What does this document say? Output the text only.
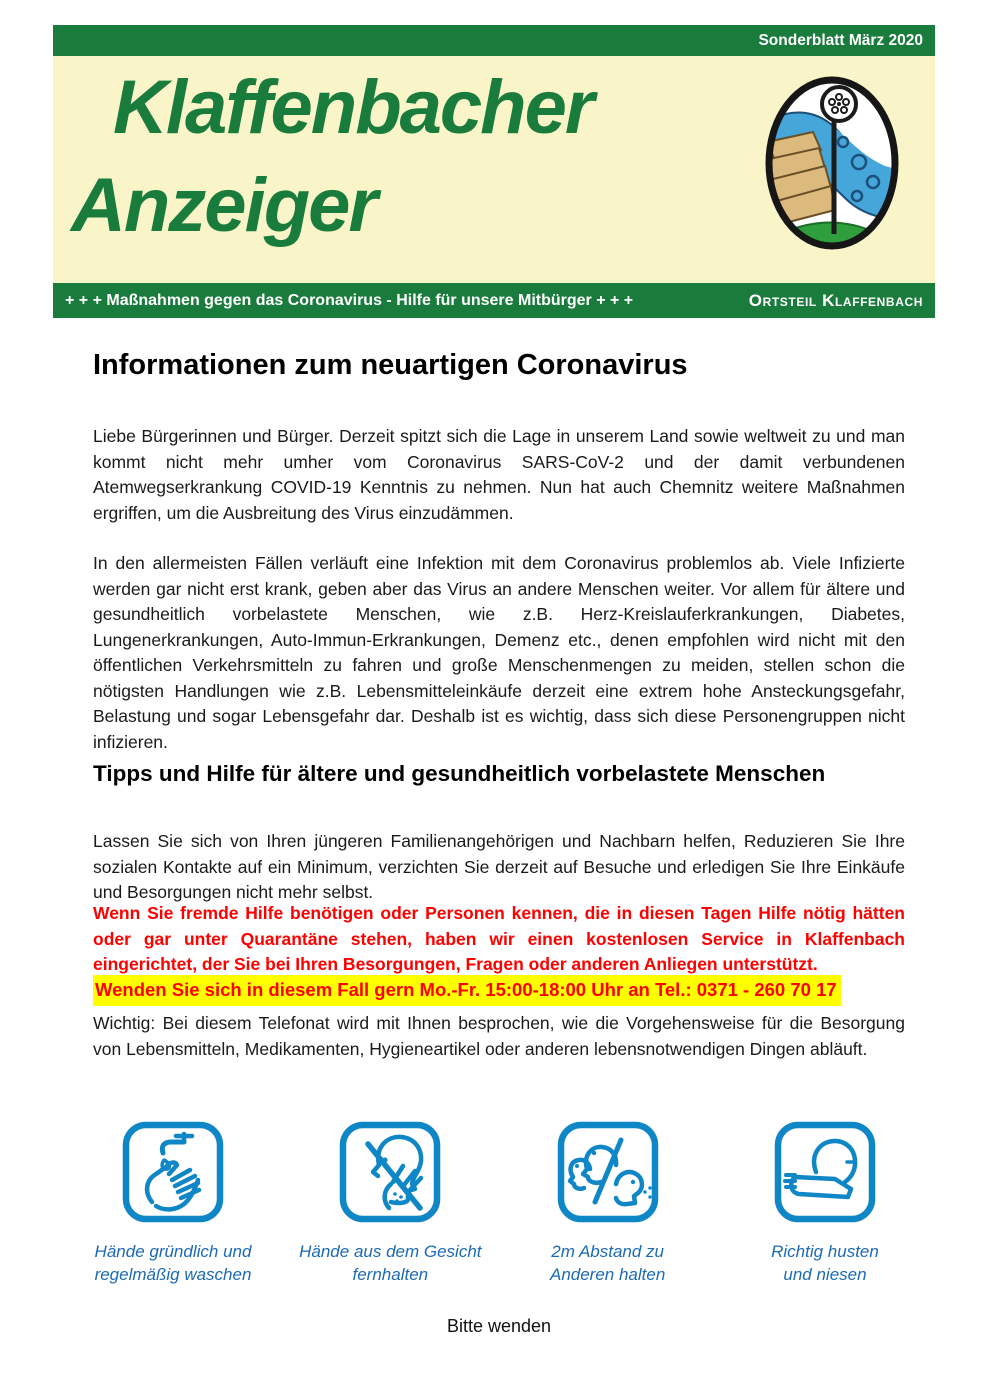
Sonderblatt März 2020
Klaffenbacher
Anzeiger
+ + + Maßnahmen gegen das Coronavirus - Hilfe für unsere Mitbürger + + +	Ortsteil Klaffenbach
Informationen zum neuartigen Coronavirus
Liebe Bürgerinnen und Bürger. Derzeit spitzt sich die Lage in unserem Land sowie weltweit zu und man kommt nicht mehr umher vom Coronavirus SARS-CoV-2 und der damit verbundenen Atemwegserkrankung COVID-19 Kenntnis zu nehmen. Nun hat auch Chemnitz weitere Maßnahmen ergriffen, um die Ausbreitung des Virus einzudämmen.
In den allermeisten Fällen verläuft eine Infektion mit dem Coronavirus problemlos ab. Viele Infizierte werden gar nicht erst krank, geben aber das Virus an andere Menschen weiter. Vor allem für ältere und gesundheitlich vorbelastete Menschen, wie z.B. Herz-Kreislauferkrankungen, Diabetes, Lungenerkrankungen, Auto-Immun-Erkrankungen, Demenz etc., denen empfohlen wird nicht mit den öffentlichen Verkehrsmitteln zu fahren und große Menschenmengen zu meiden, stellen schon die nötigsten Handlungen wie z.B. Lebensmitteleinkäufe derzeit eine extrem hohe Ansteckungsgefahr, Belastung und sogar Lebensgefahr dar. Deshalb ist es wichtig, dass sich diese Personengruppen nicht infizieren.
Tipps und Hilfe für ältere und gesundheitlich vorbelastete Menschen
Lassen Sie sich von Ihren jüngeren Familienangehörigen und Nachbarn helfen, Reduzieren Sie Ihre sozialen Kontakte auf ein Minimum, verzichten Sie derzeit auf Besuche und erledigen Sie Ihre Einkäufe und Besorgungen nicht mehr selbst.
Wenn Sie fremde Hilfe benötigen oder Personen kennen, die in diesen Tagen Hilfe nötig hätten oder gar unter Quarantäne stehen, haben wir einen kostenlosen Service in Klaffenbach eingerichtet, der Sie bei Ihren Besorgungen, Fragen oder anderen Anliegen unterstützt.
Wenden Sie sich in diesem Fall gern Mo.-Fr. 15:00-18:00 Uhr an Tel.: 0371 - 260 70 17
Wichtig: Bei diesem Telefonat wird mit Ihnen besprochen, wie die Vorgehensweise für die Besorgung von Lebensmitteln, Medikamenten, Hygieneartikel oder anderen lebensnotwendigen Dingen abläuft.
Hände gründlich und
regelmäßig waschen
Hände aus dem Gesicht
fernhalten
2m Abstand zu
Anderen halten
Richtig husten
und niesen
Bitte wenden
